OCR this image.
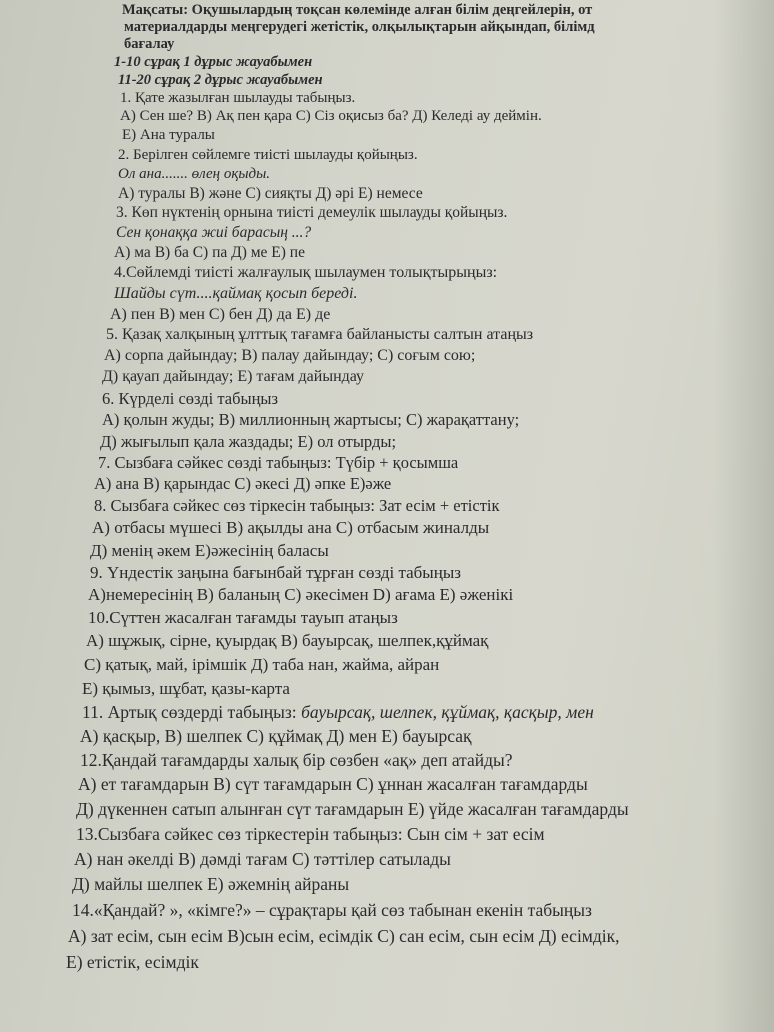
Мақсаты: Оқушылардың тоқсан көлемінде алған білім деңгейлерін, от

материалдарды меңгерудегі жетістік, олқылықтарын айқындап, білімд

бағалау

1-10 сұрақ 1 дұрыс жауабымен

11-20 сұрақ 2 дұрыс жауабымен

1. Қате жазылған шылауды табыңыз.

А) Сен ше? В) Ақ пен қара С) Сіз оқисыз ба? Д) Келеді ау деймін.

Е) Ана туралы

2. Берілген сөйлемге тиісті шылауды қойыңыз.

Ол ана....... өлең оқыды.

А) туралы В) және С) сияқты Д) әрі Е) немесе

3. Көп нүктенің орнына тиісті демеулік шылауды қойыңыз.

Сен қонаққа жиі барасың ...?

А) ма В) ба С) па Д) ме Е) пе

4.Сөйлемді тиісті жалғаулық шылаумен толықтырыңыз:

Шайды сүт....қаймақ қосып береді.

А) пен В) мен С) бен Д) да Е) де

5. Қазақ халқының ұлттық тағамға байланысты салтын атаңыз

А) сорпа дайындау; В) палау дайындау; С) соғым сою;

Д) қауап дайындау; Е) тағам дайындау

6. Күрделі сөзді табыңыз

А) қолын жуды; В) миллионның жартысы; С) жарақаттану;

Д) жығылып қала жаздады; Е) ол отырды;

7. Сызбаға сәйкес сөзді табыңыз: Түбір + қосымша

А) ана В) қарындас С) әкесі Д) әпке Е)әже

8. Сызбаға сәйкес сөз тіркесін табыңыз: Зат есім + етістік

А) отбасы мүшесі В) ақылды ана С) отбасым жиналды

Д) менің әкем Е)әжесінің баласы

9. Үндестік заңына бағынбай тұрған сөзді табыңыз

А)немересінің В) баланың С) әкесімен D) ағама Е) әженікі

10.Сүттен жасалған тағамды тауып атаңыз

А) шұжық, сірне, қуырдақ В) бауырсақ, шелпек,құймақ

С) қатық, май, ірімшік Д) таба нан, жайма, айран

Е) қымыз, шұбат, қазы-карта

11. Артық сөздерді табыңыз: бауырсақ, шелпек, құймақ, қасқыр, мен

А) қасқыр, В) шелпек С) құймақ Д) мен Е) бауырсақ

12.Қандай тағамдарды халық бір сөзбен «ақ» деп атайды?

А) ет тағамдарын В) сүт тағамдарын С) ұннан жасалған тағамдарды

Д) дүкеннен сатып алынған сүт тағамдарын Е) үйде жасалған тағамдарды

13.Сызбаға сәйкес сөз тіркестерін табыңыз: Сын сім + зат есім

А) нан әкелді В) дәмді тағам С) тәттілер сатылады

Д) майлы шелпек Е) әжемнің айраны

14.«Қандай? », «кімге?» – сұрақтары қай сөз табынан екенін табыңыз

А) зат есім, сын есім В)сын есім, есімдік С) сан есім, сын есім Д) есімдік,

Е) етістік, есімдік
